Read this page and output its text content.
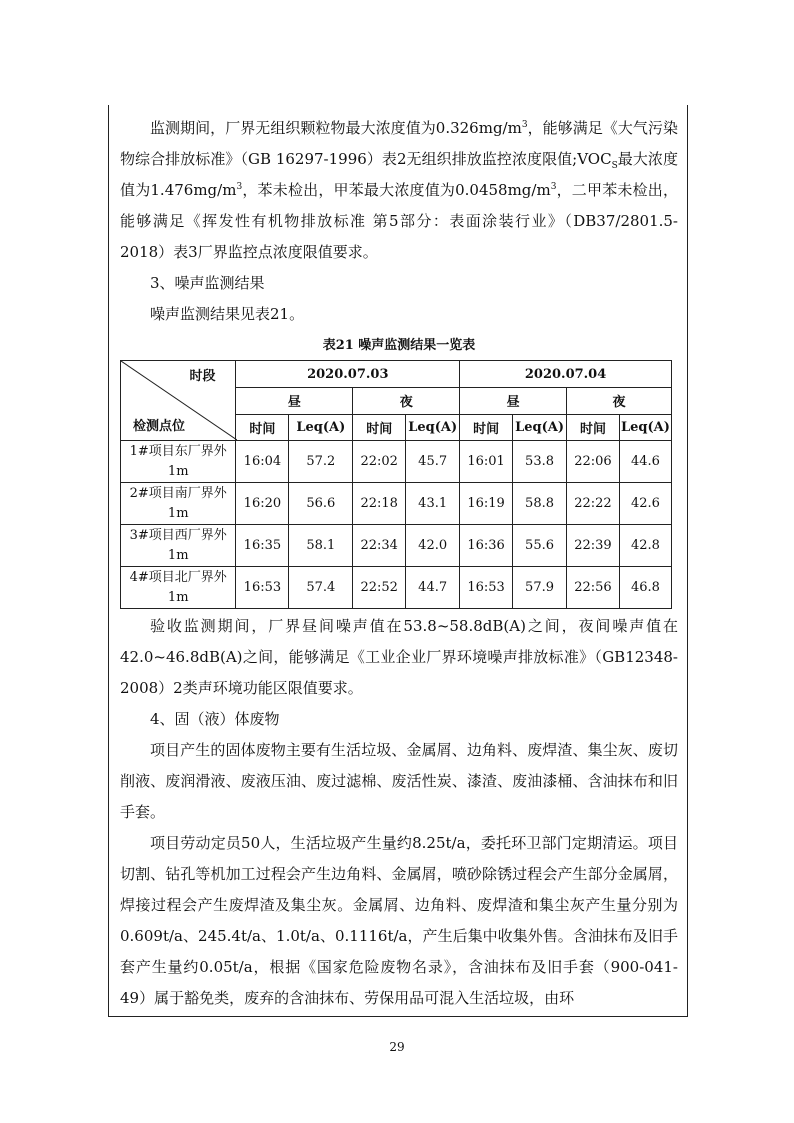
监测期间，厂界无组织颗粒物最大浓度值为$0.326mg/m^3$，能够满足《大气污染物综合排放标准》（GB 16297-1996）表2无组织排放监控浓度限值$;VOC_S$最大浓度值为$1.476mg/m^3$，苯未检出，甲苯最大浓度值为$0.0458mg/m^3$，二甲苯未检出，能够满足《挥发性有机物排放标准 第5部分：表面涂装行业》（DB37/2801.5-2018）表3厂界监控点浓度限值要求。

3、噪声监测结果

噪声监测结果见表21。

表21 噪声监测结果一览表
时段
检测点位	2020.07.03				2020.07.04			
	昼		夜		昼		夜	
	时间	Leq(A)	时间	Leq(A)	时间	Leq(A)	时间	Leq(A)
1#项目东厂界外
1m	16:04	57.2	22:02	45.7	16:01	53.8	22:06	44.6
2#项目南厂界外
1m	16:20	56.6	22:18	43.1	16:19	58.8	22:22	42.6
3#项目西厂界外
1m	16:35	58.1	22:34	42.0	16:36	55.6	22:39	42.8
4#项目北厂界外
1m	16:53	57.4	22:52	44.7	16:53	57.9	22:56	46.8

验收监测期间，厂界昼间噪声值在53.8~58.8dB(A)之间，夜间噪声值在42.0~46.8dB(A)之间，能够满足《工业企业厂界环境噪声排放标准》（GB12348-2008）2类声环境功能区限值要求。

4、固（液）体废物

项目产生的固体废物主要有生活垃圾、金属屑、边角料、废焊渣、集尘灰、废切削液、废润滑液、废液压油、废过滤棉、废活性炭、漆渣、废油漆桶、含油抹布和旧手套。

项目劳动定员50人，生活垃圾产生量约8.25t/a，委托环卫部门定期清运。项目切割、钻孔等机加工过程会产生边角料、金属屑，喷砂除锈过程会产生部分金属屑，焊接过程会产生废焊渣及集尘灰。金属屑、边角料、废焊渣和集尘灰产生量分别为0.609t/a、245.4t/a、1.0t/a、0.1116t/a，产生后集中收集外售。含油抹布及旧手套产生量约0.05t/a，根据《国家危险废物名录》，含油抹布及旧手套（900-041-49）属于豁免类，废弃的含油抹布、劳保用品可混入生活垃圾，由环

29
